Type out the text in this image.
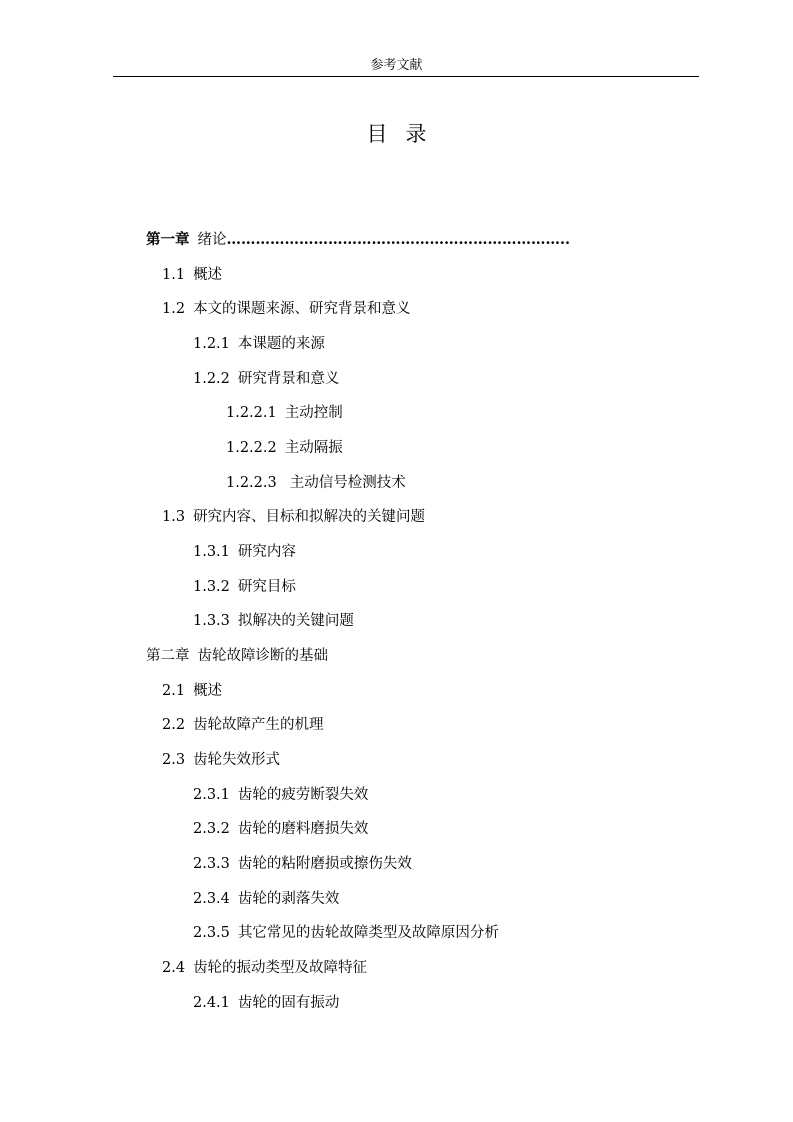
参考文献
目录
第一章 绪论……………………………………………………………..
1.1 概述
1.2 本文的课题来源、研究背景和意义
1.2.1 本课题的来源
1.2.2 研究背景和意义
1.2.2.1 主动控制
1.2.2.2 主动隔振
1.2.2.3 主动信号检测技术
1.3 研究内容、目标和拟解决的关键问题
1.3.1 研究内容
1.3.2 研究目标
1.3.3 拟解决的关键问题
第二章 齿轮故障诊断的基础
2.1 概述
2.2 齿轮故障产生的机理
2.3 齿轮失效形式
2.3.1 齿轮的疲劳断裂失效
2.3.2 齿轮的磨料磨损失效
2.3.3 齿轮的粘附磨损或擦伤失效
2.3.4 齿轮的剥落失效
2.3.5 其它常见的齿轮故障类型及故障原因分析
2.4 齿轮的振动类型及故障特征
2.4.1 齿轮的固有振动
